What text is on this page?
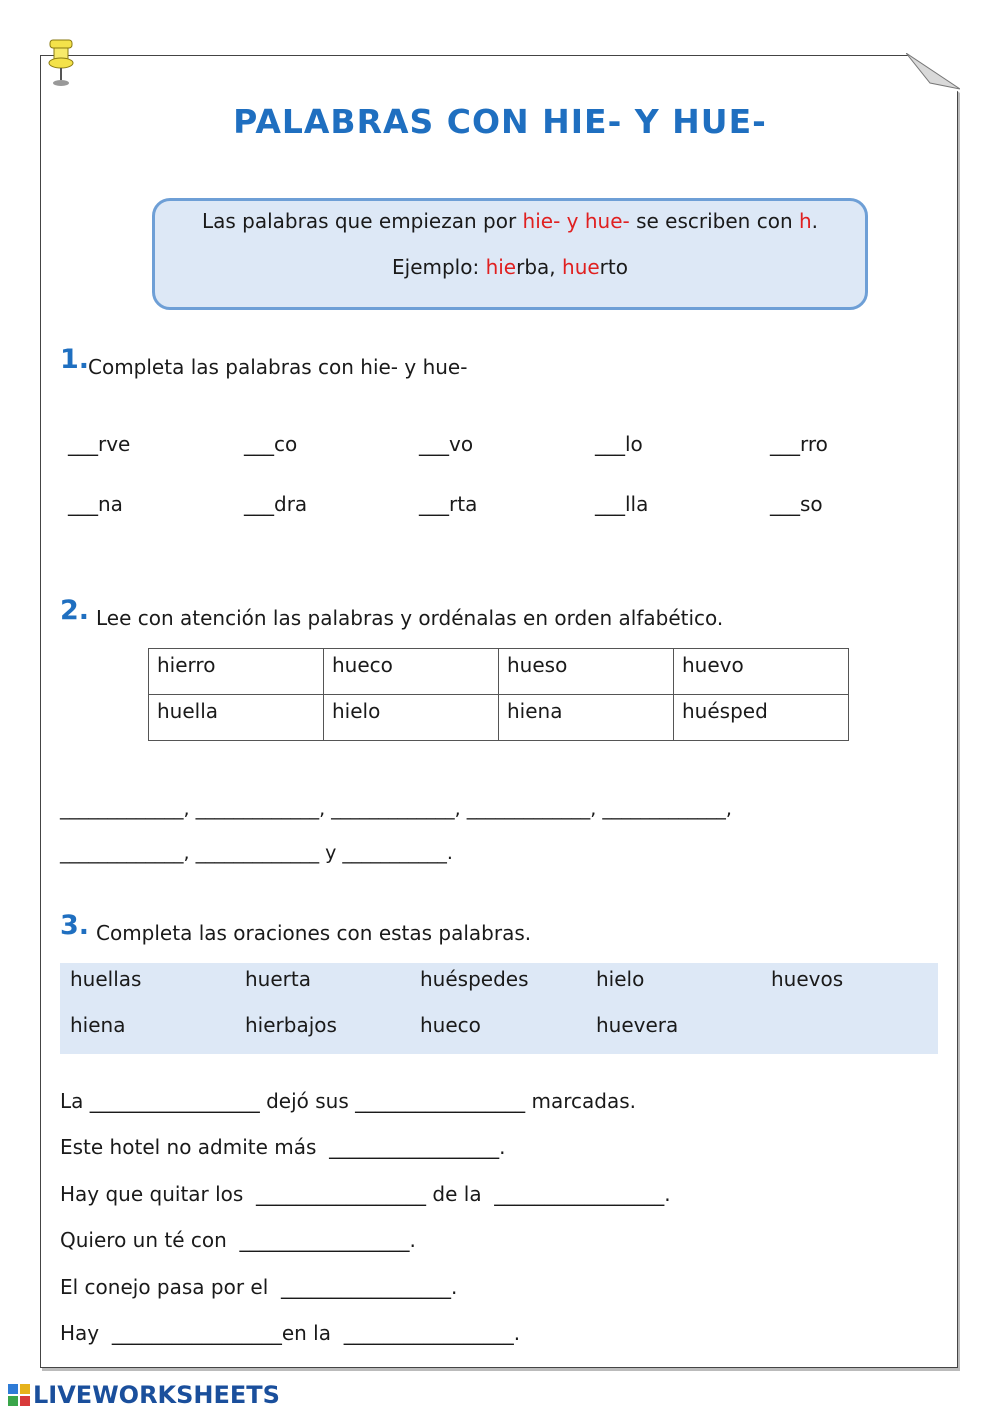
PALABRAS CON HIE- Y HUE-
Las palabras que empiezan por hie- y hue- se escriben con h.
Ejemplo: hierba, huerto
1.
Completa las palabras con hie- y hue-
___rve	___co	___vo	___lo	___rro
___na	___dra	___rta	___lla	___so
2. Lee con atención las palabras y ordénalas en orden alfabético.
hierro	hueco	hueso	huevo
huella	hielo	hiena	huésped
_____________, _____________, _____________, _____________, _____________,
_____________, _____________ y ___________.
3. Completa las oraciones con estas palabras.
huellas	huerta	huéspedes	hielo	huevos
hiena	hierbajos	hueco	huevera
La _________________ dejó sus _________________ marcadas.
Este hotel no admite más  _________________.
Hay que quitar los  _________________ de la  _________________.
Quiero un té con  _________________.
El conejo pasa por el  _________________.
Hay  _________________en la  _________________.
LIVEWORKSHEETS
